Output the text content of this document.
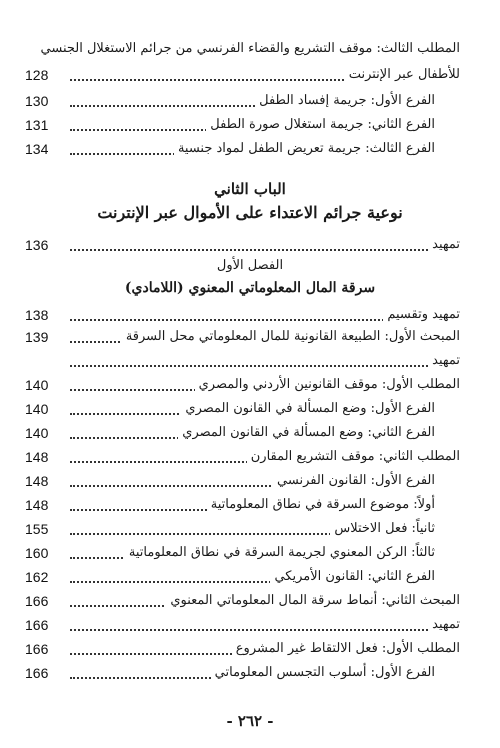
المطلب الثالث: موقف التشريع والقضاء الفرنسي من جرائم الاستغلال الجنسي
للأطفال عبر الإنترنت
128
الفرع الأول: جريمة إفساد الطفل
130
الفرع الثاني: جريمة استغلال صورة الطفل
131
الفرع الثالث: جريمة تعريض الطفل لمواد جنسية
134
الباب الثاني
نوعية جرائم الاعتداء على الأموال عبر الإنترنت
تمهيد
136
الفصل الأول
سرقة المال المعلوماتي المعنوي (اللامادي)
تمهيد وتقسيم
138
المبحث الأول: الطبيعة القانونية للمال المعلوماتي محل السرقة
139
تمهيد
المطلب الأول: موقف القانونين الأردني والمصري
140
الفرع الأول: وضع المسألة في القانون المصري
140
الفرع الثاني: وضع المسألة في القانون المصري
140
المطلب الثاني: موقف التشريع المقارن
148
الفرع الأول: القانون الفرنسي
148
أولاً: موضوع السرقة في نطاق المعلوماتية
148
ثانياً: فعل الاختلاس
155
ثالثاً: الركن المعنوي لجريمة السرقة في نطاق المعلوماتية
160
الفرع الثاني: القانون الأمريكي
162
المبحث الثاني: أنماط سرقة المال المعلوماتي المعنوي
166
تمهيد
166
المطلب الأول: فعل الالتقاط غير المشروع
166
الفرع الأول: أسلوب التجسس المعلوماتي
166
- ٢٦٢ -
